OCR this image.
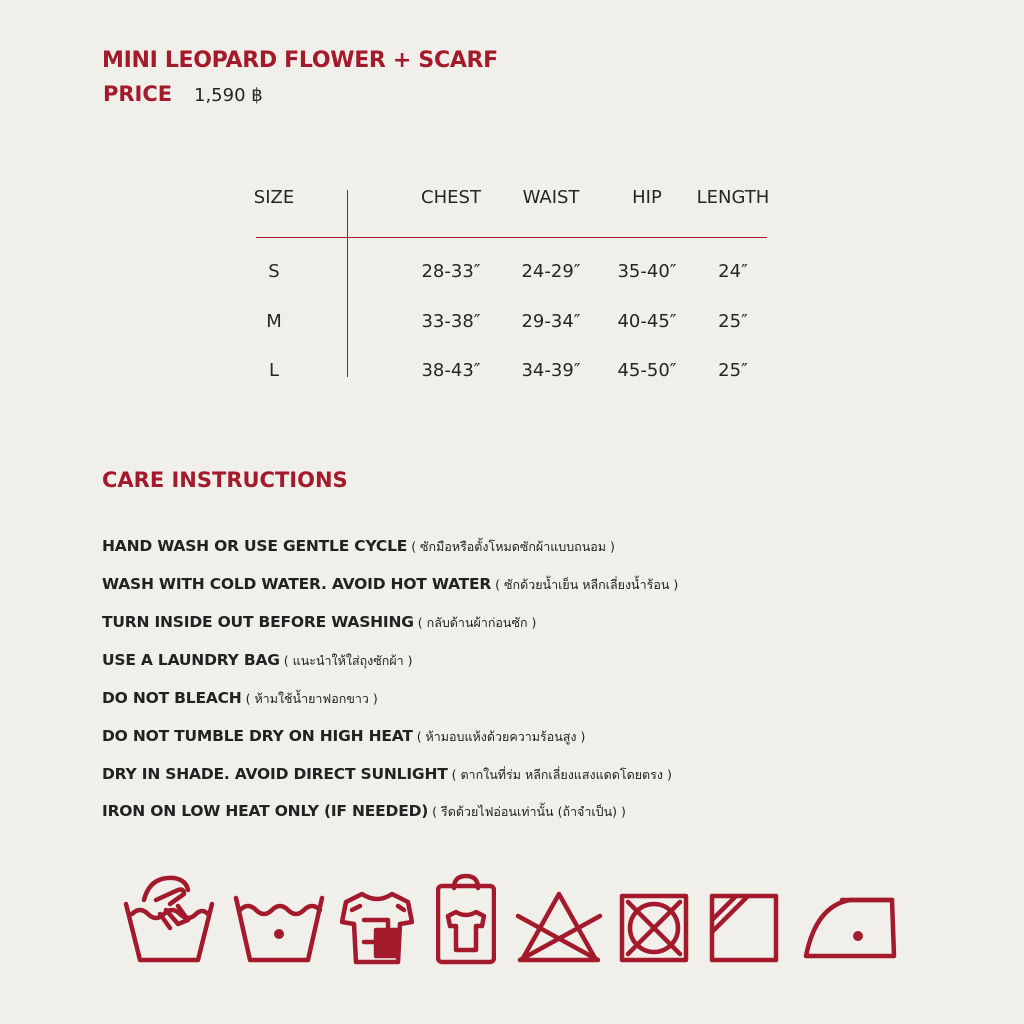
MINI LEOPARD FLOWER + SCARF
PRICE 1,590 ฿
SIZE	CHEST	WAIST	HIP	LENGTH
S	28-33″	24-29″	35-40″	24″
M	33-38″	29-34″	40-45″	25″
L	38-43″	34-39″	45-50″	25″
CARE INSTRUCTIONS
HAND WASH OR USE GENTLE CYCLE ( ซักมือหรือตั้งโหมดซักผ้าแบบถนอม )
WASH WITH COLD WATER. AVOID HOT WATER ( ซักด้วยน้ำเย็น หลีกเลี่ยงน้ำร้อน )
TURN INSIDE OUT BEFORE WASHING ( กลับด้านผ้าก่อนซัก )
USE A LAUNDRY BAG ( แนะนำให้ใส่ถุงซักผ้า )
DO NOT BLEACH ( ห้ามใช้น้ำยาฟอกขาว )
DO NOT TUMBLE DRY ON HIGH HEAT ( ห้ามอบแห้งด้วยความร้อนสูง )
DRY IN SHADE. AVOID DIRECT SUNLIGHT ( ตากในที่ร่ม หลีกเลี่ยงแสงแดดโดยตรง )
IRON ON LOW HEAT ONLY (IF NEEDED) ( รีดด้วยไฟอ่อนเท่านั้น (ถ้าจำเป็น) )
